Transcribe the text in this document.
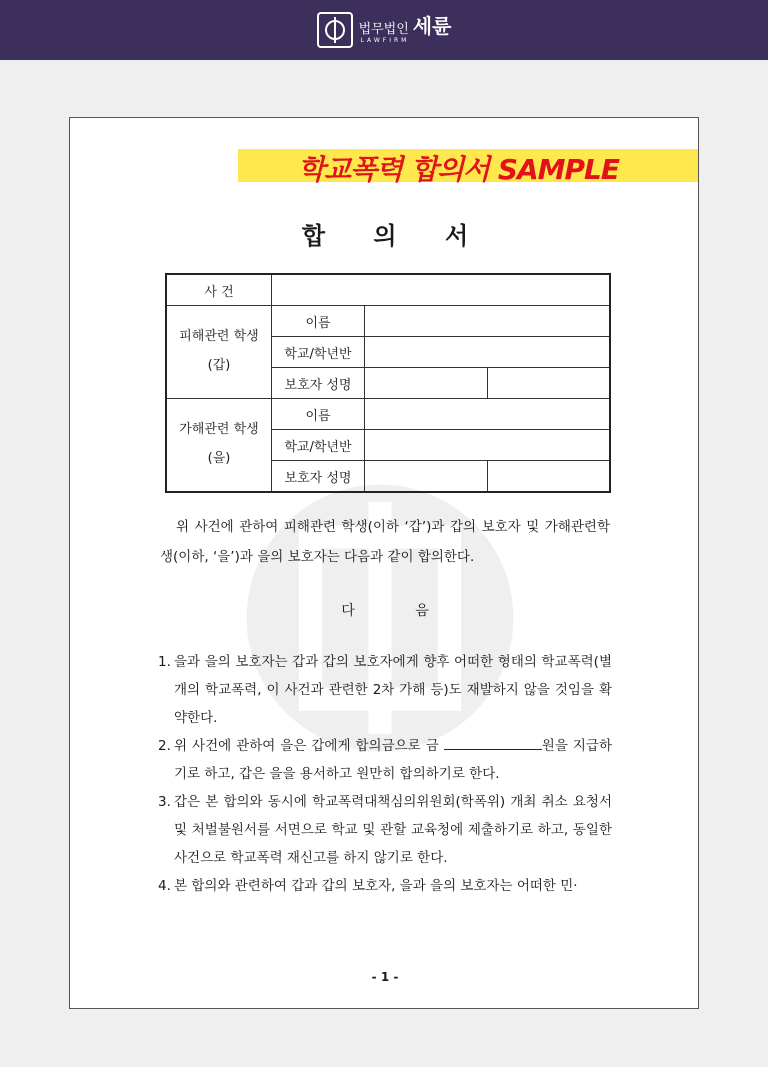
법무법인 세륜
LAWFIRM
학교폭력 합의서 SAMPLE
합 의 서
사 건			

피해관련 학생
(갑)	이름		
	학교/학년반		
	보호자 성명		

가해관련 학생
(을)	이름		
	학교/학년반		
	보호자 성명		
위 사건에 관하여 피해관련 학생(이하 ‘갑’)과 갑의 보호자 및 가해관련학생(이하, ‘을’)과 을의 보호자는 다음과 같이 합의한다.
다 음
1. 을과 을의 보호자는 갑과 갑의 보호자에게 향후 어떠한 형태의 학교폭력(별개의 학교폭력, 이 사건과 관련한 2차 가해 등)도 재발하지 않을 것임을 확약한다.
2. 위 사건에 관하여 을은 갑에게 합의금으로 금	원을 지급하기로 하고, 갑은 을을 용서하고 원만히 합의하기로 한다.
3. 갑은 본 합의와 동시에 학교폭력대책심의위원회(학폭위) 개최 취소 요청서 및 처벌불원서를 서면으로 학교 및 관할 교육청에 제출하기로 하고, 동일한 사건으로 학교폭력 재신고를 하지 않기로 한다.
4. 본 합의와 관련하여 갑과 갑의 보호자, 을과 을의 보호자는 어떠한 민·
- 1 -
